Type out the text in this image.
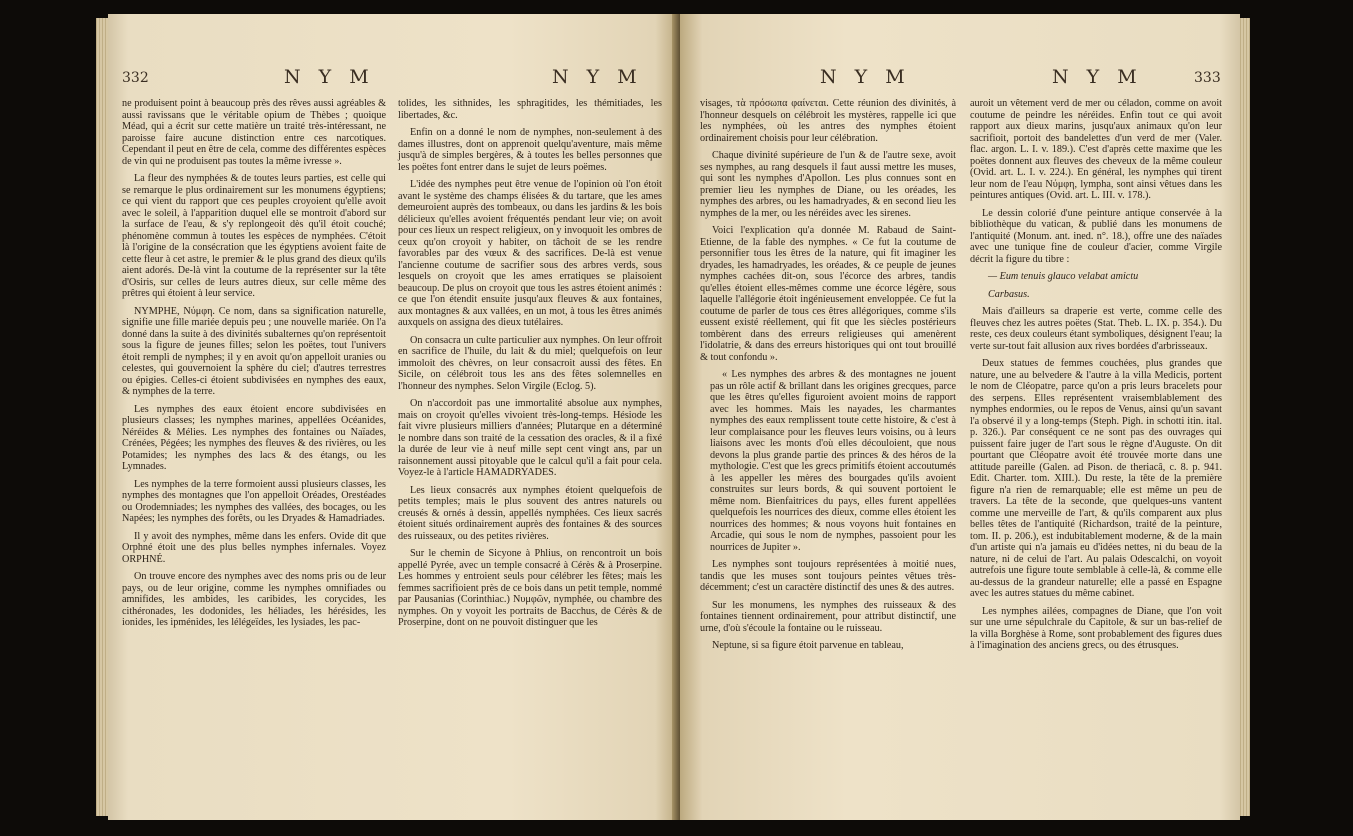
332	N Y M	N Y M

ne produisent point à beaucoup près des rêves aussi agréables & aussi ravissans que le véritable opium de Thèbes ; quoique Méad, qui a écrit sur cette matière un traité très-intéressant, ne paroisse faire aucune distinction entre ces narcotiques. Cependant il peut en être de cela, comme des différentes espèces de vin qui ne produisent pas toutes la même ivresse ».

La fleur des nymphées & de toutes leurs parties, est celle qui se remarque le plus ordinairement sur les monumens égyptiens; ce qui vient du rapport que ces peuples croyoient qu'elle avoit avec le soleil, à l'apparition duquel elle se montroit d'abord sur la surface de l'eau, & s'y replongeoit dès qu'il étoit couché; phénomène commun à toutes les espèces de nymphées. C'étoit là l'origine de la consécration que les égyptiens avoient faite de cette fleur à cet astre, le premier & le plus grand des dieux qu'ils aient adorés. De-là vint la coutume de la représenter sur la tête d'Osiris, sur celles de leurs autres dieux, sur celle même des prêtres qui étoient à leur service.

NYMPHE, Νύμφη. Ce nom, dans sa signification naturelle, signifie une fille mariée depuis peu ; une nouvelle mariée. On l'a donné dans la suite à des divinités subalternes qu'on représentoit sous la figure de jeunes filles; selon les poëtes, tout l'univers étoit rempli de nymphes; il y en avoit qu'on appelloit uranies ou celestes, qui gouvernoient la sphère du ciel; d'autres terrestres ou épigies. Celles-ci étoient subdivisées en nymphes des eaux, & nymphes de la terre.

Les nymphes des eaux étoient encore subdivisées en plusieurs classes; les nymphes marines, appellées Océanides, Néréides & Mélies. Les nymphes des fontaines ou Naïades, Crénées, Pégées; les nymphes des fleuves & des rivières, ou les Potamides; les nymphes des lacs & des étangs, ou les Lymnades.

Les nymphes de la terre formoient aussi plusieurs classes, les nymphes des montagnes que l'on appelloit Oréades, Orestéades ou Orodemniades; les nymphes des vallées, des bocages, ou les Napées; les nymphes des forêts, ou les Dryades & Hamadriades.

Il y avoit des nymphes, même dans les enfers. Ovide dit que Orphné étoit une des plus belles nymphes infernales. Voyez ORPHNÉ.

On trouve encore des nymphes avec des noms pris ou de leur pays, ou de leur origine, comme les nymphes omnifiades ou amnifides, les ambides, les caribides, les corycides, les cithéronades, les dodonides, les héliades, les hérésides, les ionides, les ipménides, les lélégeïdes, les lysiades, les pac-

tolides, les sithnides, les sphragitides, les thémitiades, les libertades, &c.

Enfin on a donné le nom de nymphes, non-seulement à des dames illustres, dont on apprenoit quelqu'aventure, mais même jusqu'à de simples bergères, & à toutes les belles personnes que les poëtes font entrer dans le sujet de leurs poëmes.

L'idée des nymphes peut être venue de l'opinion où l'on étoit avant le système des champs élisées & du tartare, que les ames demeuroient auprès des tombeaux, ou dans les jardins & les bois délicieux qu'elles avoient fréquentés pendant leur vie; on avoit pour ces lieux un respect religieux, on y invoquoit les ombres de ceux qu'on croyoit y habiter, on tâchoit de se les rendre favorables par des vœux & des sacrifices. De-là est venue l'ancienne coutume de sacrifier sous des arbres verds, sous lesquels on croyoit que les ames erratiques se plaisoient beaucoup. De plus on croyoit que tous les astres étoient animés : ce que l'on étendit ensuite jusqu'aux fleuves & aux fontaines, aux montagnes & aux vallées, en un mot, à tous les êtres animés auxquels on assigna des dieux tutélaires.

On consacra un culte particulier aux nymphes. On leur offroit en sacrifice de l'huile, du lait & du miel; quelquefois on leur immoloit des chèvres, on leur consacroit aussi des fêtes. En Sicile, on célébroit tous les ans des fêtes solemnelles en l'honneur des nymphes. Selon Virgile (Eclog. 5).

On n'accordoit pas une immortalité absolue aux nymphes, mais on croyoit qu'elles vivoient très-long-temps. Hésiode les fait vivre plusieurs milliers d'années; Plutarque en a déterminé le nombre dans son traité de la cessation des oracles, & il a fixé la durée de leur vie à neuf mille sept cent vingt ans, par un raisonnement aussi pitoyable que le calcul qu'il a fait pour cela. Voyez-le à l'article HAMADRYADES.

Les lieux consacrés aux nymphes étoient quelquefois de petits temples; mais le plus souvent des antres naturels ou creusés & ornés à dessin, appellés nymphées. Ces lieux sacrés étoient situés ordinairement auprès des fontaines & des sources des ruisseaux, ou des petites rivières.

Sur le chemin de Sicyone à Phlius, on rencontroit un bois appellé Pyrée, avec un temple consacré à Cérès & à Proserpine. Les hommes y entroient seuls pour célébrer les fêtes; mais les femmes sacrifioient près de ce bois dans un petit temple, nommé par Pausanias (Corinthiac.) Νυμφῶν, nymphée, ou chambre des nymphes. On y voyoit les portraits de Bacchus, de Cérès & de Proserpine, dont on ne pouvoit distinguer que les

N Y M	N Y M	333

visages, τὰ πρόσωπα φαίνεται. Cette réunion des divinités, à l'honneur desquels on célébroit les mystères, rappelle ici que les nymphées, où les antres des nymphes étoient ordinairement choisis pour leur célébration.

Chaque divinité supérieure de l'un & de l'autre sexe, avoit ses nymphes, au rang desquels il faut aussi mettre les muses, qui sont les nymphes d'Apollon. Les plus connues sont en premier lieu les nymphes de Diane, ou les oréades, les nymphes des arbres, ou les hamadryades, & en second lieu les nymphes de la mer, ou les néréides avec les sirenes.

Voici l'explication qu'a donnée M. Rabaud de Saint-Etienne, de la fable des nymphes. « Ce fut la coutume de personnifier tous les êtres de la nature, qui fit imaginer les dryades, les hamadryades, les oréades, & ce peuple de jeunes nymphes cachées dit-on, sous l'écorce des arbres, tandis qu'elles étoient elles-mêmes comme une écorce légère, sous laquelle l'allégorie étoit ingénieusement enveloppée. Ce fut la coutume de parler de tous ces êtres allégoriques, comme s'ils eussent existé réellement, qui fit que les siècles postérieurs tombèrent dans des erreurs religieuses qui amenèrent l'idolatrie, & dans des erreurs historiques qui ont tout brouillé & tout confondu ».

« Les nymphes des arbres & des montagnes ne jouent pas un rôle actif & brillant dans les origines grecques, parce que les êtres qu'elles figuroient avoient moins de rapport avec les hommes. Mais les nayades, les charmantes nymphes des eaux remplissent toute cette histoire, & c'est à leur complaisance pour les fleuves leurs voisins, ou à leurs liaisons avec les monts d'où elles découloient, que nous devons la plus grande partie des princes & des héros de la mythologie. C'est que les grecs primitifs étoient accoutumés à les appeller les mères des bourgades qu'ils avoient construites sur leurs bords, & qui souvent portoient le même nom. Bienfaitrices du pays, elles furent appellées quelquefois les nourrices des dieux, comme elles étoient les nourrices des hommes; & nous voyons huit fontaines en Arcadie, qui sous le nom de nymphes, passoient pour les nourrices de Jupiter ».

Les nymphes sont toujours représentées à moitié nues, tandis que les muses sont toujours peintes vêtues très-décemment; c'est un caractère distinctif des unes & des autres.

Sur les monumens, les nymphes des ruisseaux & des fontaines tiennent ordinairement, pour attribut distinctif, une urne, d'où s'écoule la fontaine ou le ruisseau.

Neptune, si sa figure étoit parvenue en tableau,

auroit un vêtement verd de mer ou céladon, comme on avoit coutume de peindre les néréides. Enfin tout ce qui avoit rapport aux dieux marins, jusqu'aux animaux qu'on leur sacrifioit, portoit des bandelettes d'un verd de mer (Valer. flac. argon. L. I. v. 189.). C'est d'après cette maxime que les poëtes donnent aux fleuves des cheveux de la même couleur (Ovid. art. L. I. v. 224.). En général, les nymphes qui tirent leur nom de l'eau Νύμφη, lympha, sont ainsi vêtues dans les peintures antiques (Ovid. art. L. III. v. 178.).

Le dessin colorié d'une peinture antique conservée à la bibliothèque du vatican, & publié dans les monumens de l'antiquité (Monum. ant. ined. n°. 18.), offre une des naïades avec une tunique fine de couleur d'acier, comme Virgile décrit la figure du tibre :

— Eum tenuis glauco velabat amictu

Carbasus.

Mais d'ailleurs sa draperie est verte, comme celle des fleuves chez les autres poëtes (Stat. Theb. L. IX. p. 354.). Du reste, ces deux couleurs étant symboliques, désignent l'eau; la verte sur-tout fait allusion aux rives bordées d'arbrisseaux.

Deux statues de femmes couchées, plus grandes que nature, une au belvedere & l'autre à la villa Medicis, portent le nom de Cléopatre, parce qu'on a pris leurs bracelets pour des serpens. Elles représentent vraisemblablement des nymphes endormies, ou le repos de Venus, ainsi qu'un savant l'a observé il y a long-temps (Steph. Pigh. in schotti itin. ital. p. 326.). Par conséquent ce ne sont pas des ouvrages qui puissent faire juger de l'art sous le règne d'Auguste. On dit pourtant que Cléopatre avoit été trouvée morte dans une attitude pareille (Galen. ad Pison. de theriacâ, c. 8. p. 941. Edit. Charter. tom. XIII.). Du reste, la tête de la première figure n'a rien de remarquable; elle est même un peu de travers. La tête de la seconde, que quelques-uns vantent comme une merveille de l'art, & qu'ils comparent aux plus belles têtes de l'antiquité (Richardson, traité de la peinture, tom. II. p. 206.), est indubitablement moderne, & de la main d'un artiste qui n'a jamais eu d'idées nettes, ni du beau de la nature, ni de celui de l'art. Au palais Odescalchi, on voyoit autrefois une figure toute semblable à celle-là, & comme elle au-dessus de la grandeur naturelle; elle a passé en Espagne avec les autres statues du même cabinet.

Les nymphes ailées, compagnes de Diane, que l'on voit sur une urne sépulchrale du Capitole, & sur un bas-relief de la villa Borghèse à Rome, sont probablement des figures dues à l'imagination des anciens grecs, ou des étrusques.
